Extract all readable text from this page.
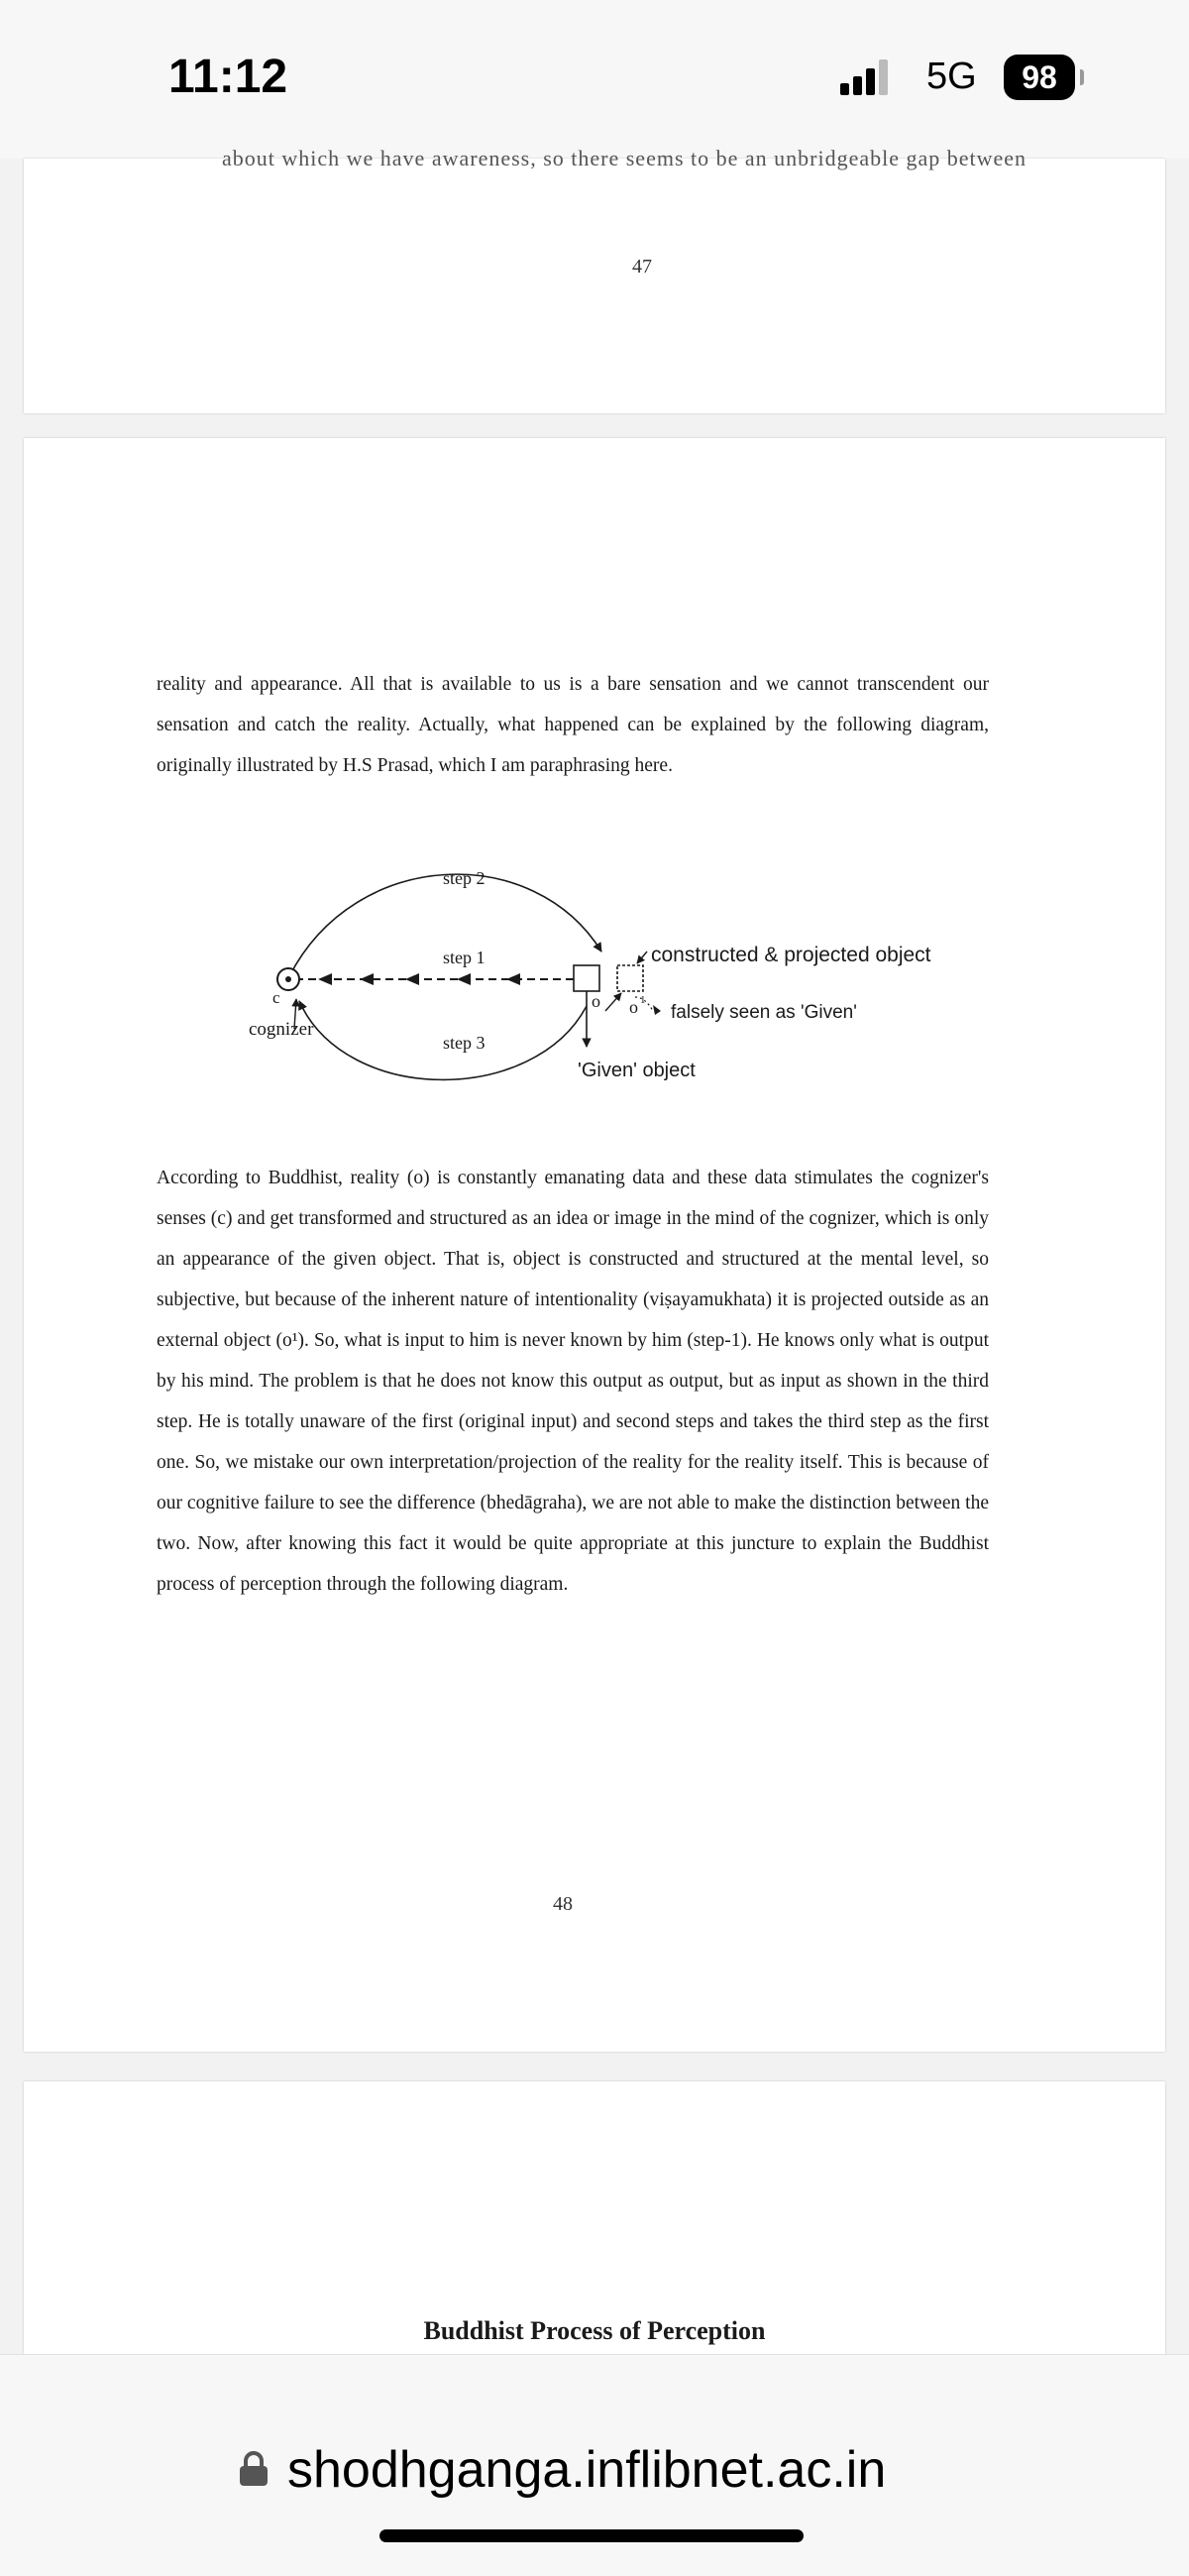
11:12	5G	98
about which we have awareness, so there seems to be an unbridgeable gap between
47
reality and appearance. All that is available to us is a bare sensation and we cannot transcendent our sensation and catch the reality. Actually, what happened can be explained by the following diagram, originally illustrated by H.S Prasad, which I am paraphrasing here.
step 2
step 1
step 3
c	o o 1
cognizer
constructed & projected object
falsely seen as 'Given'
'Given' object
According to Buddhist, reality (o) is constantly emanating data and these data stimulates the cognizer's senses (c) and get transformed and structured as an idea or image in the mind of the cognizer, which is only an appearance of the given object. That is, object is constructed and structured at the mental level, so subjective, but because of the inherent nature of intentionality (viṣayamukhata) it is projected outside as an external object (o¹). So, what is input to him is never known by him (step-1). He knows only what is output by his mind. The problem is that he does not know this output as output, but as input as shown in the third step. He is totally unaware of the first (original input) and second steps and takes the third step as the first one. So, we mistake our own interpretation/projection of the reality for the reality itself. This is because of our cognitive failure to see the difference (bhedāgraha), we are not able to make the distinction between the two. Now, after knowing this fact it would be quite appropriate at this juncture to explain the Buddhist process of perception through the following diagram.
48
Buddhist Process of Perception
shodhganga.inflibnet.ac.in
